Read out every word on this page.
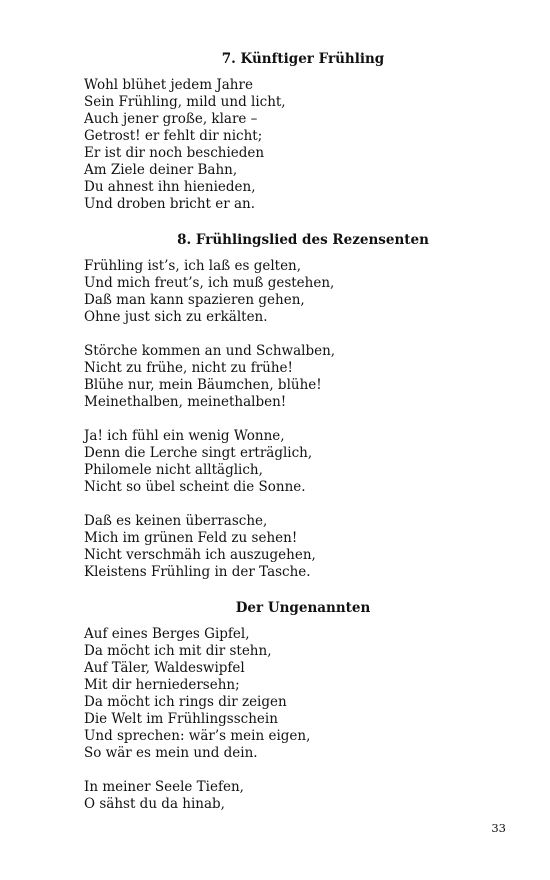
7. Künftiger Frühling
Wohl blühet jedem Jahre
Sein Frühling, mild und licht,
Auch jener große, klare –
Getrost! er fehlt dir nicht;
Er ist dir noch beschieden
Am Ziele deiner Bahn,
Du ahnest ihn hienieden,
Und droben bricht er an.
8. Frühlingslied des Rezensenten
Frühling ist’s, ich laß es gelten,
Und mich freut’s, ich muß gestehen,
Daß man kann spazieren gehen,
Ohne just sich zu erkälten.
Störche kommen an und Schwalben,
Nicht zu frühe, nicht zu frühe!
Blühe nur, mein Bäumchen, blühe!
Meinethalben, meinethalben!
Ja! ich fühl ein wenig Wonne,
Denn die Lerche singt erträglich,
Philomele nicht alltäglich,
Nicht so übel scheint die Sonne.
Daß es keinen überrasche,
Mich im grünen Feld zu sehen!
Nicht verschmäh ich auszugehen,
Kleistens Frühling in der Tasche.
Der Ungenannten
Auf eines Berges Gipfel,
Da möcht ich mit dir stehn,
Auf Täler, Waldeswipfel
Mit dir herniedersehn;
Da möcht ich rings dir zeigen
Die Welt im Frühlingsschein
Und sprechen: wär’s mein eigen,
So wär es mein und dein.
In meiner Seele Tiefen,
O sähst du da hinab,
33
